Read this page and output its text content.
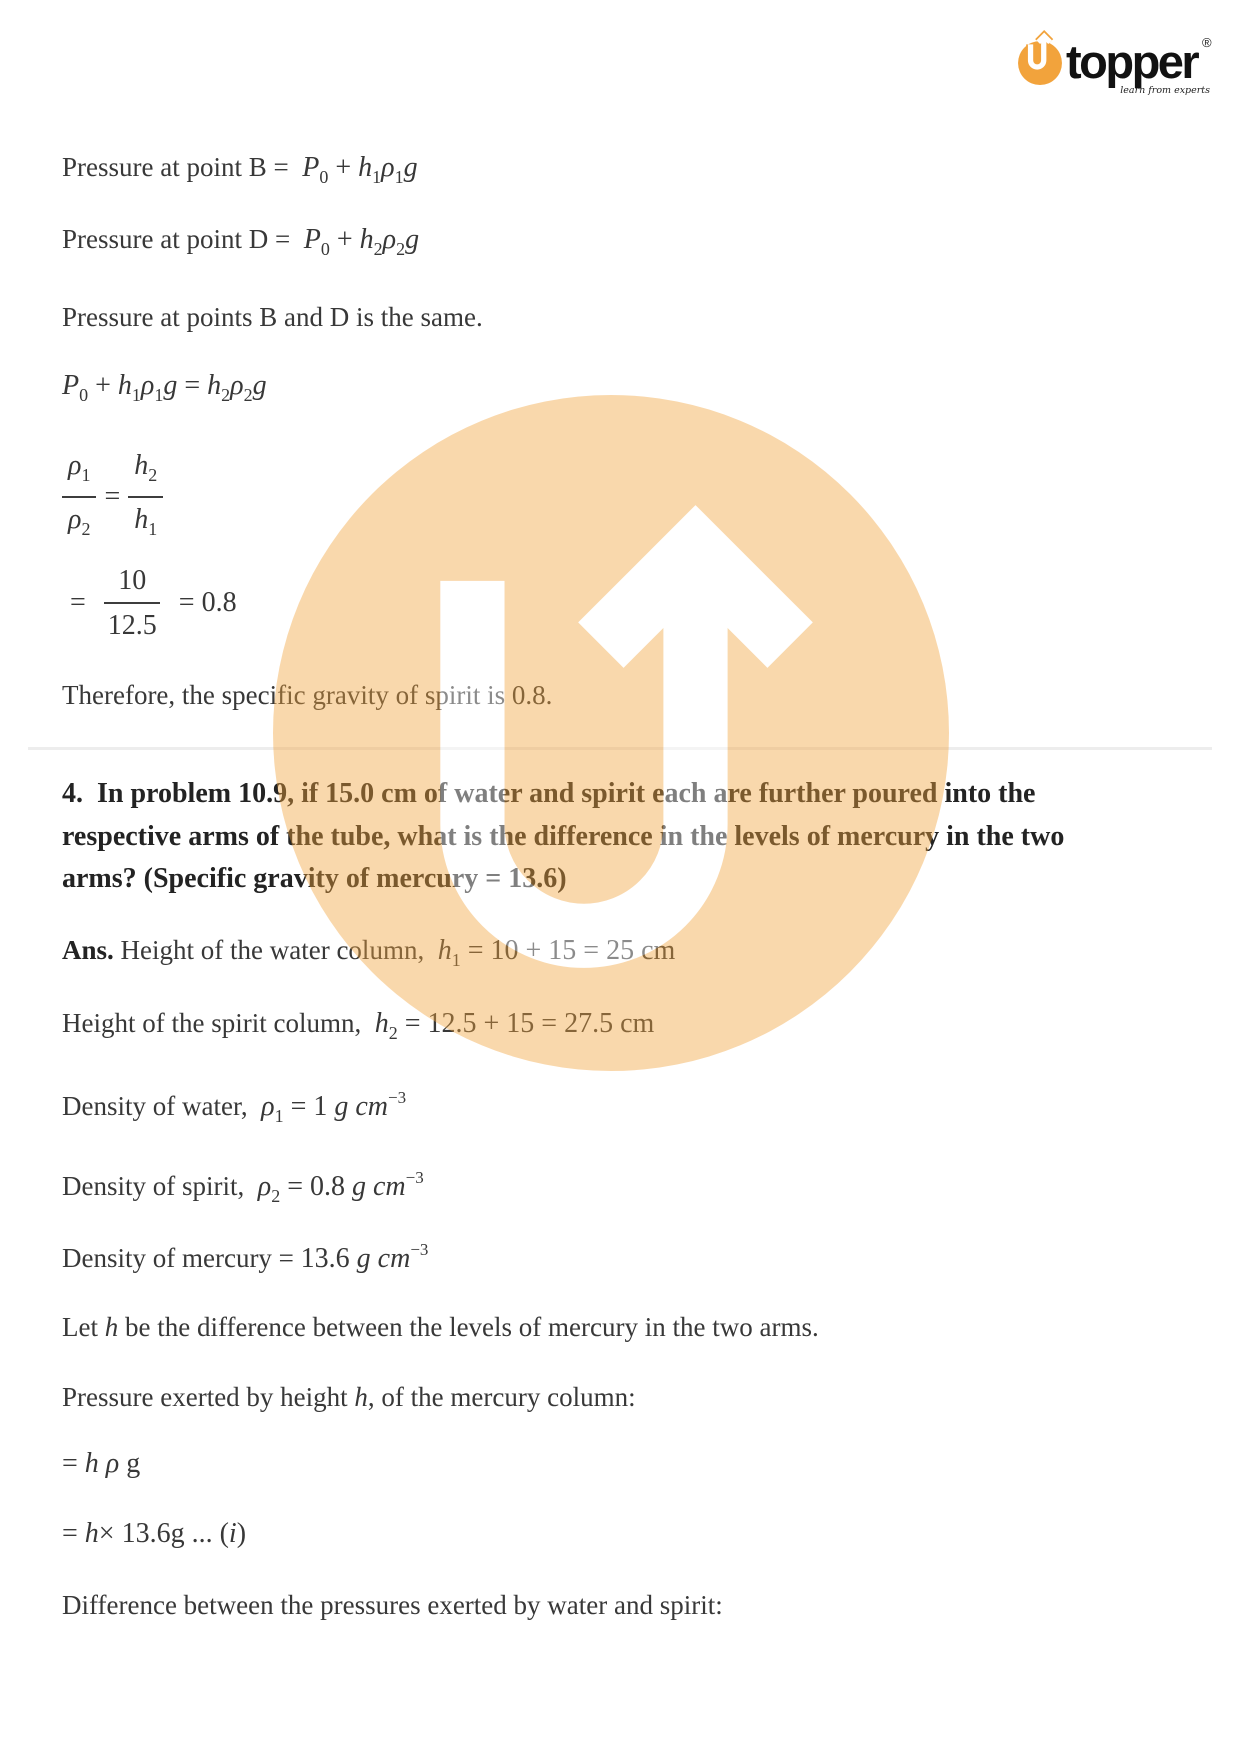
topper ®
learn from experts
Pressure at point $B = P_0 + h_1\rho_1g$
Pressure at point $D = P_0 + h_2\rho_2g$
Pressure at points B and D is the same.
$P_0 + h_1\rho_1g = h_2\rho_2g$
$\frac{\rho_1}{\rho_2} = \frac{h_2}{h_1}$
= $\frac{10}{12.5} = 0.8$
Therefore, the specific gravity of spirit is 0.8.
4.  In problem 10.9, if 15.0 cm of water and spirit each are further poured into the
respective arms of the tube, what is the difference in the levels of mercury in the two
arms? (Specific gravity of mercury = 13.6)
Ans. Height of the water column,  $h_1 = 10 + 15 = 25$ cm
Height of the spirit column,  $h_2 = 12.5 + 15 = 27.5$ cm
Density of water,  $\rho_1 = 1$ g $cm^{-3}$
Density of spirit,  $\rho_2 = 0.8$ g $cm^{-3}$
Density of mercury = 13.6 g $cm^{-3}$
Let h be the difference between the levels of mercury in the two arms.
Pressure exerted by height h, of the mercury column:
= h ρ g
= h× 13.6g ... (i)
Difference between the pressures exerted by water and spirit:
